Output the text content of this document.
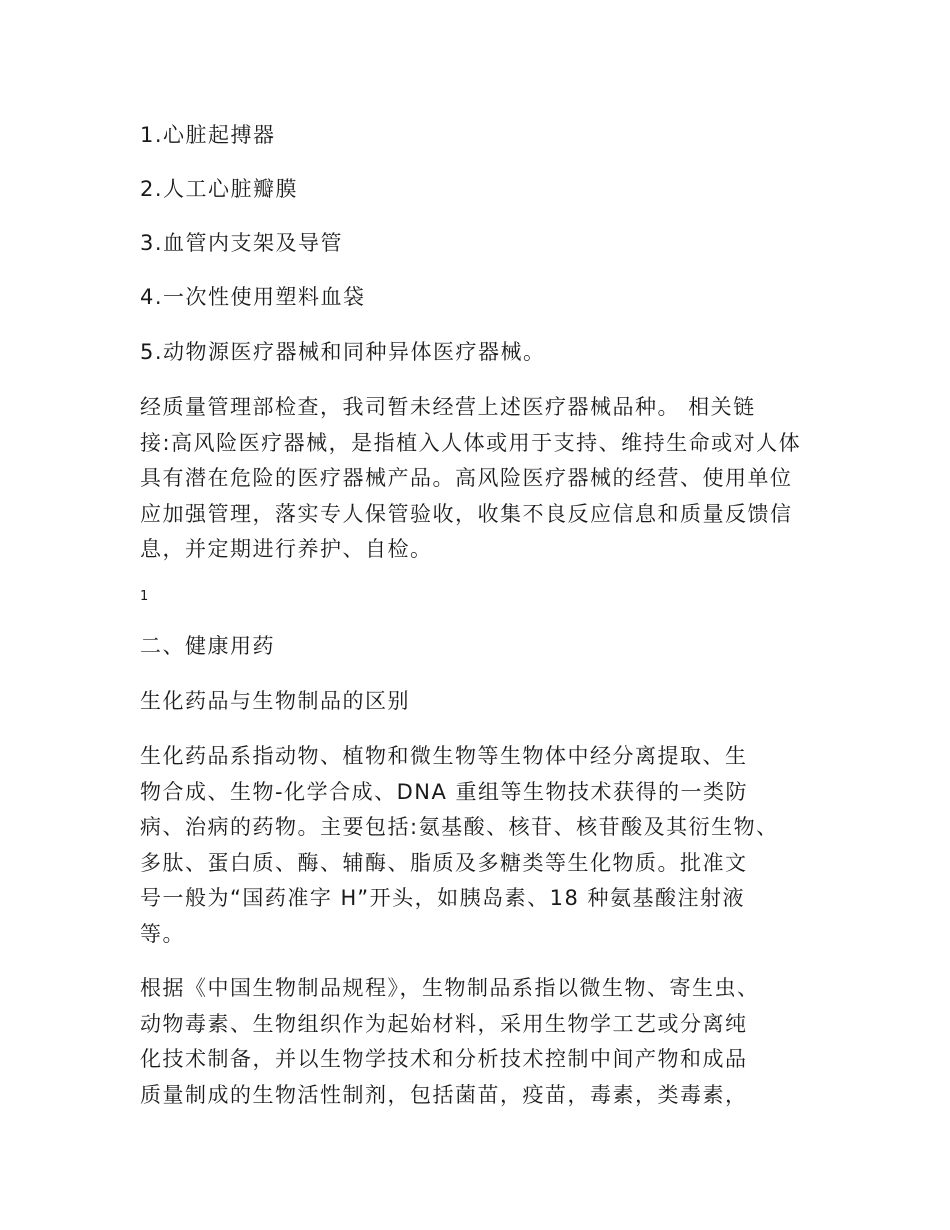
1.心脏起搏器
2.人工心脏瓣膜
3.血管内支架及导管
4.一次性使用塑料血袋
5.动物源医疗器械和同种异体医疗器械。
经质量管理部检查，我司暂未经营上述医疗器械品种。 相关链
接:高风险医疗器械，是指植入人体或用于支持、维持生命或对人体
具有潜在危险的医疗器械产品。高风险医疗器械的经营、使用单位
应加强管理，落实专人保管验收，收集不良反应信息和质量反馈信
息，并定期进行养护、自检。
1
二、健康用药
生化药品与生物制品的区别
生化药品系指动物、植物和微生物等生物体中经分离提取、生
物合成、生物-化学合成、DNA 重组等生物技术获得的一类防
病、治病的药物。主要包括:氨基酸、核苷、核苷酸及其衍生物、
多肽、蛋白质、酶、辅酶、脂质及多糖类等生化物质。批准文
号一般为“国药准字 H”开头，如胰岛素、18 种氨基酸注射液
等。
根据《中国生物制品规程》，生物制品系指以微生物、寄生虫、
动物毒素、生物组织作为起始材料，采用生物学工艺或分离纯
化技术制备，并以生物学技术和分析技术控制中间产物和成品
质量制成的生物活性制剂，包括菌苗，疫苗，毒素，类毒素，
